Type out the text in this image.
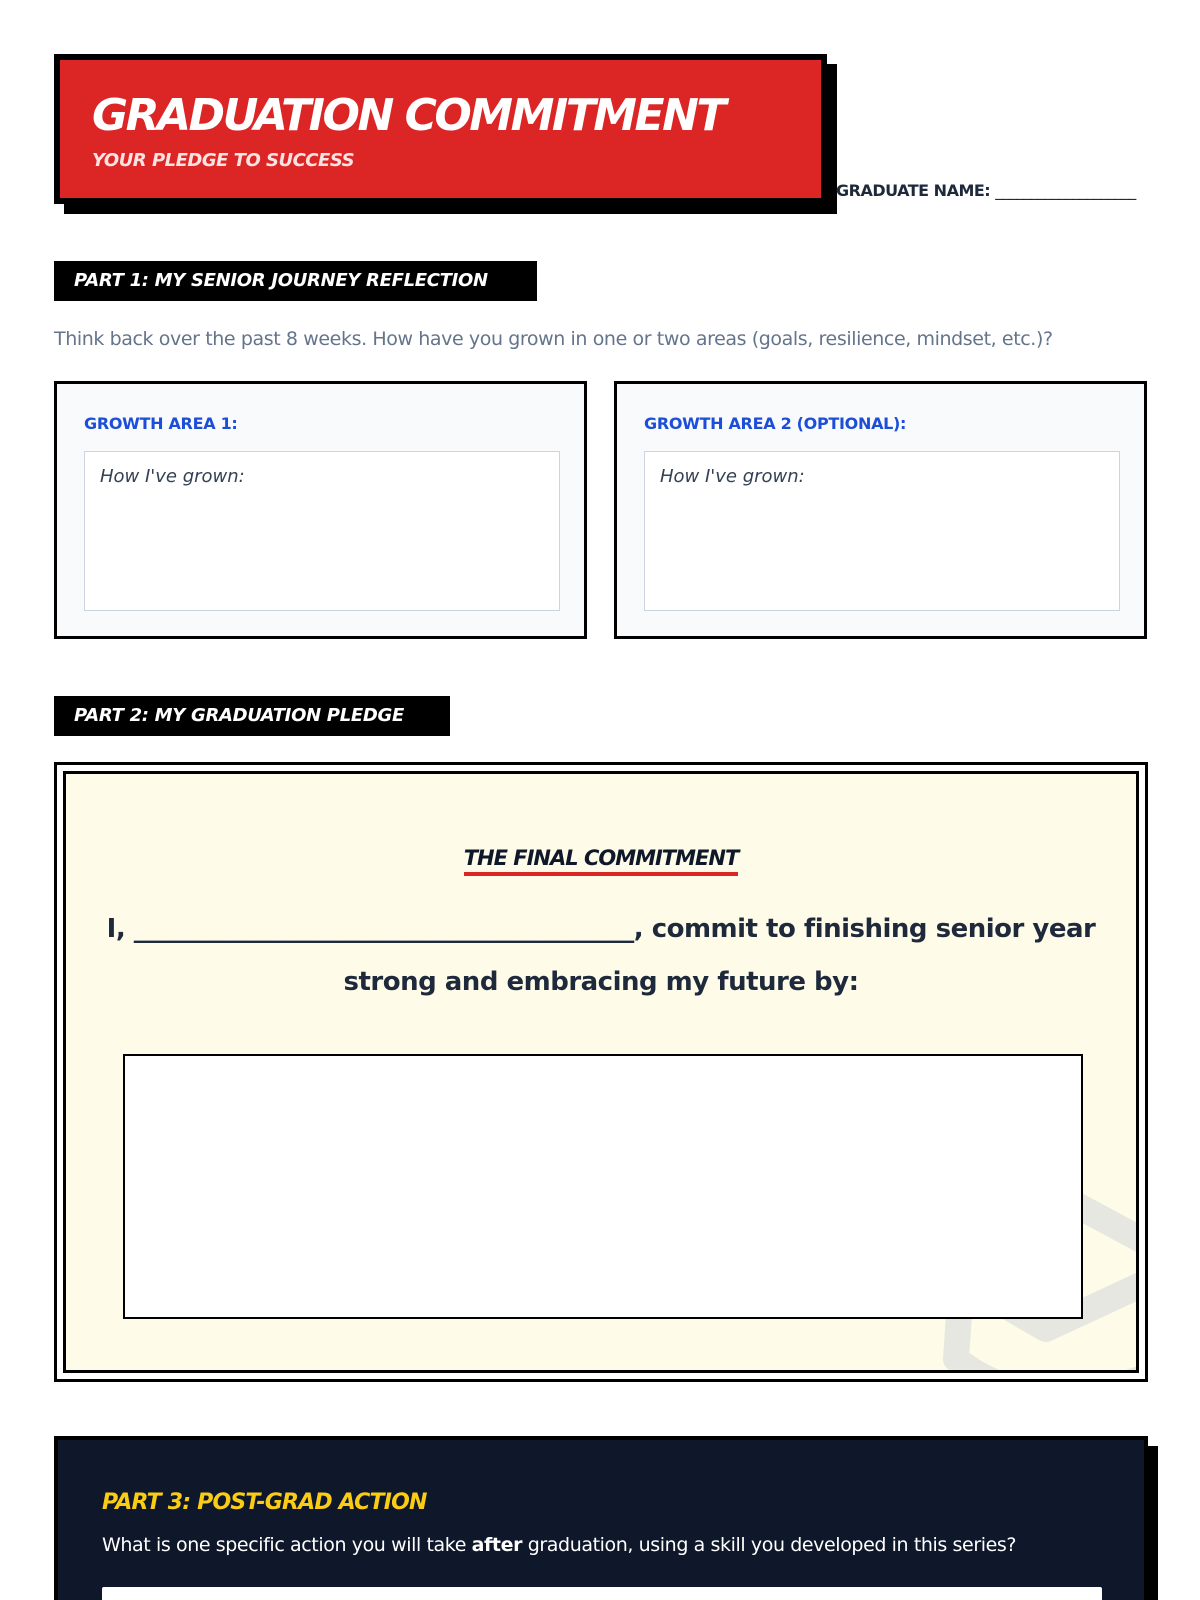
GRADUATION COMMITMENT
YOUR PLEDGE TO SUCCESS
GRADUATE NAME: ____________________
PART 1: MY SENIOR JOURNEY REFLECTION
Think back over the past 8 weeks. How have you grown in one or two areas (goals, resilience, mindset, etc.)?
GROWTH AREA 1:
How I've grown:
GROWTH AREA 2 (OPTIONAL):
How I've grown:
PART 2: MY GRADUATION PLEDGE
THE FINAL COMMITMENT
I, ________________________________________, commit to finishing senior year
strong and embracing my future by:
PART 3: POST-GRAD ACTION
What is one specific action you will take after graduation, using a skill you developed in this series?
